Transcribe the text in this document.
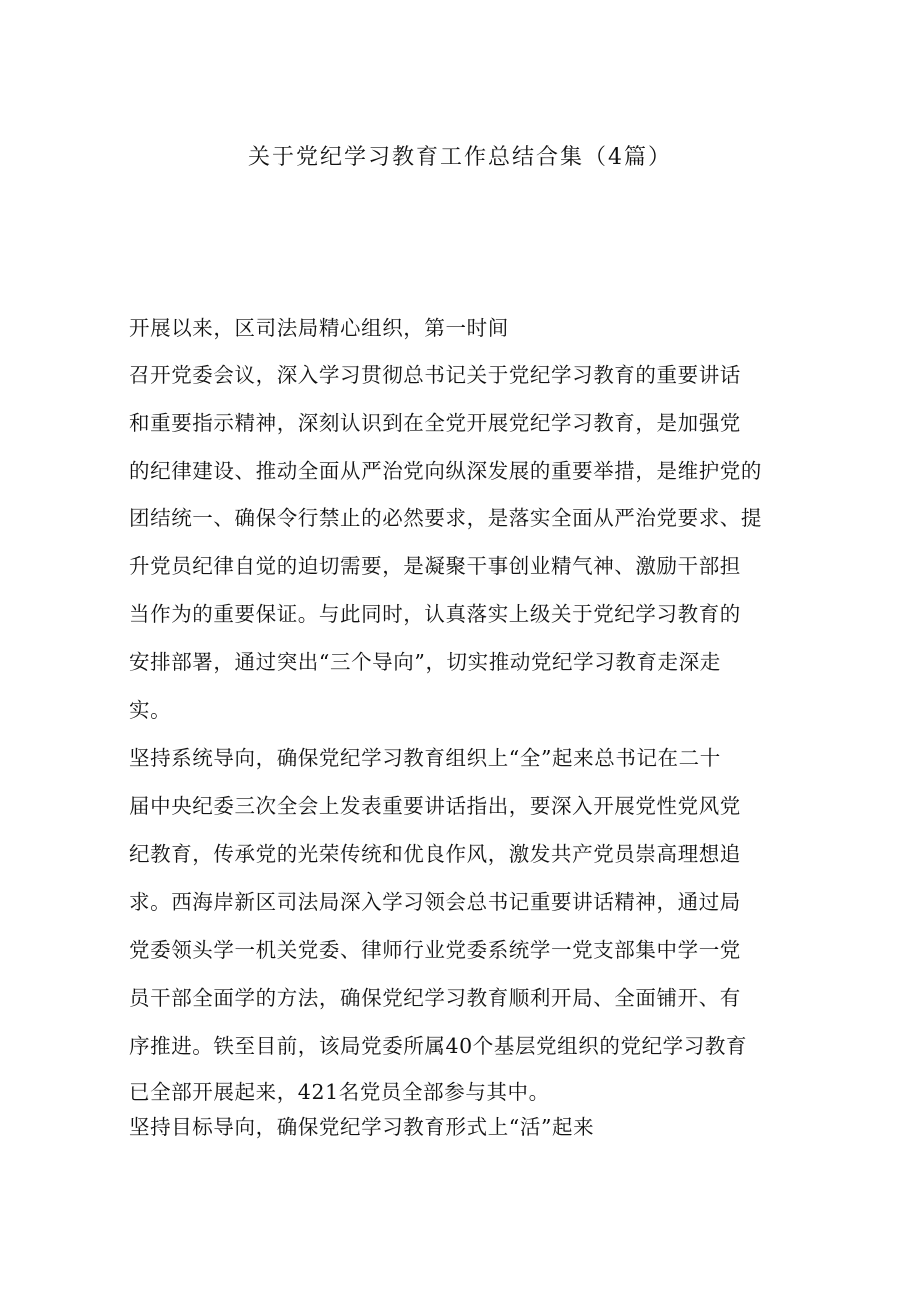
关于党纪学习教育工作总结合集（4篇）
开展以来，区司法局精心组织，第一时间
召开党委会议，深入学习贯彻总书记关于党纪学习教育的重要讲话
和重要指示精神，深刻认识到在全党开展党纪学习教育，是加强党
的纪律建设、推动全面从严治党向纵深发展的重要举措，是维护党的
团结统一、确保令行禁止的必然要求，是落实全面从严治党要求、提
升党员纪律自觉的迫切需要，是凝聚干事创业精气神、激励干部担
当作为的重要保证。与此同时，认真落实上级关于党纪学习教育的
安排部署，通过突出“三个导向”，切实推动党纪学习教育走深走
实。
坚持系统导向，确保党纪学习教育组织上“全”起来总书记在二十
届中央纪委三次全会上发表重要讲话指出，要深入开展党性党风党
纪教育，传承党的光荣传统和优良作风，激发共产党员崇高理想追
求。西海岸新区司法局深入学习领会总书记重要讲话精神，通过局
党委领头学一机关党委、律师行业党委系统学一党支部集中学一党
员干部全面学的方法，确保党纪学习教育顺利开局、全面铺开、有
序推进。铁至目前，该局党委所属40个基层党组织的党纪学习教育
已全部开展起来，421名党员全部参与其中。
坚持目标导向，确保党纪学习教育形式上“活”起来
